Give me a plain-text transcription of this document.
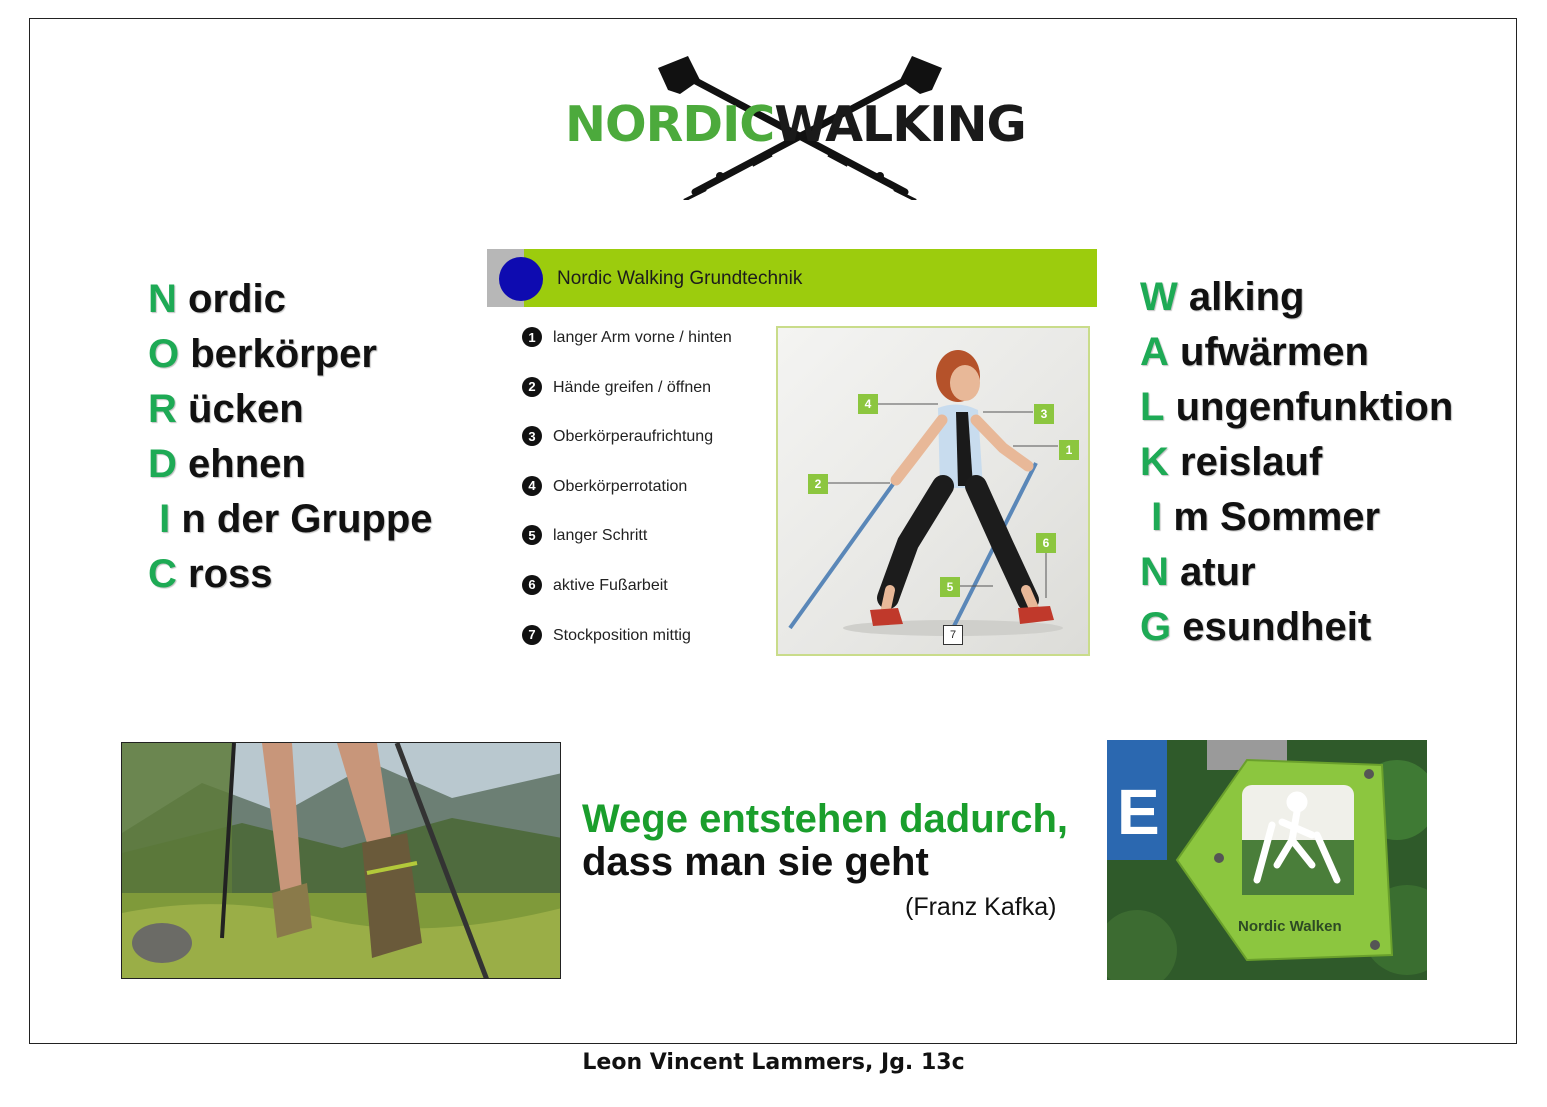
NORDICWALKING
N ordic
O berkörper
R ücken
D ehnen
I n der Gruppe
C ross
Nordic Walking Grundtechnik
1	langer Arm vorne / hinten
2	Hände greifen / öffnen
3	Oberkörperaufrichtung
4	Oberkörperrotation
5	langer Schritt
6	aktive Fußarbeit
7	Stockposition mittig
4
3
1
2
6
5
7
W alking
A ufwärmen
L ungenfunktion
K reislauf
I m Sommer
N atur
G esundheit
Wege entstehen dadurch,
dass man sie geht
(Franz Kafka)
E
Nordic Walken
Leon Vincent Lammers, Jg. 13c
